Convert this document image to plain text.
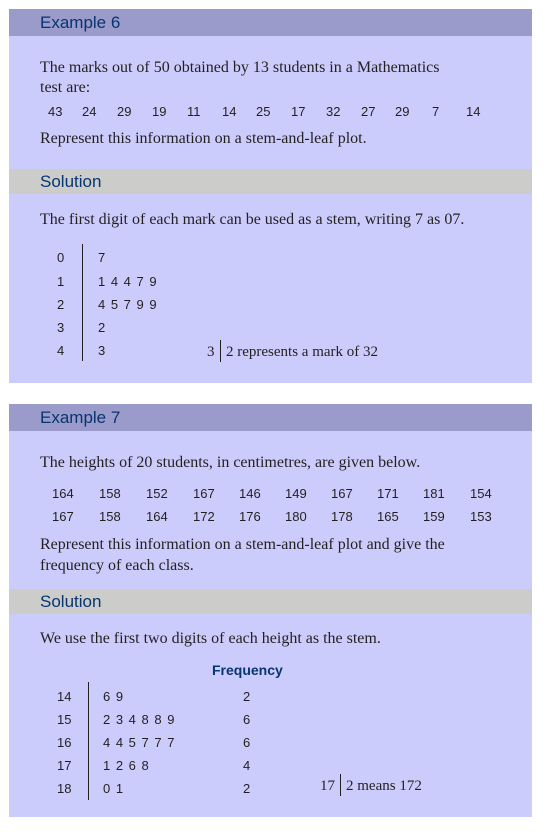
Example 6
The marks out of 50 obtained by 13 students in a Mathematics
test are:
43 24 29 19 11 14 25 17 32 27 29 7 14
Represent this information on a stem-and-leaf plot.
Solution
The first digit of each mark can be used as a stem, writing 7 as 07.
0	7
1	1 4 4 7 9
2	4 5 7 9 9
3	2
4	3	3 2 represents a mark of 32
Example 7
The heights of 20 students, in centimetres, are given below.
164 158 152 167 146 149 167 171 181 154
167 158 164 172 176 180 178 165 159 153
Represent this information on a stem-and-leaf plot and give the
frequency of each class.
Solution
We use the first two digits of each height as the stem.
Frequency
14 6 9	2
15 2 3 4 8 8 9	6
16 4 4 5 7 7 7	6
17 1 2 6 8	4
18 0 1	2	17 2 means 172
